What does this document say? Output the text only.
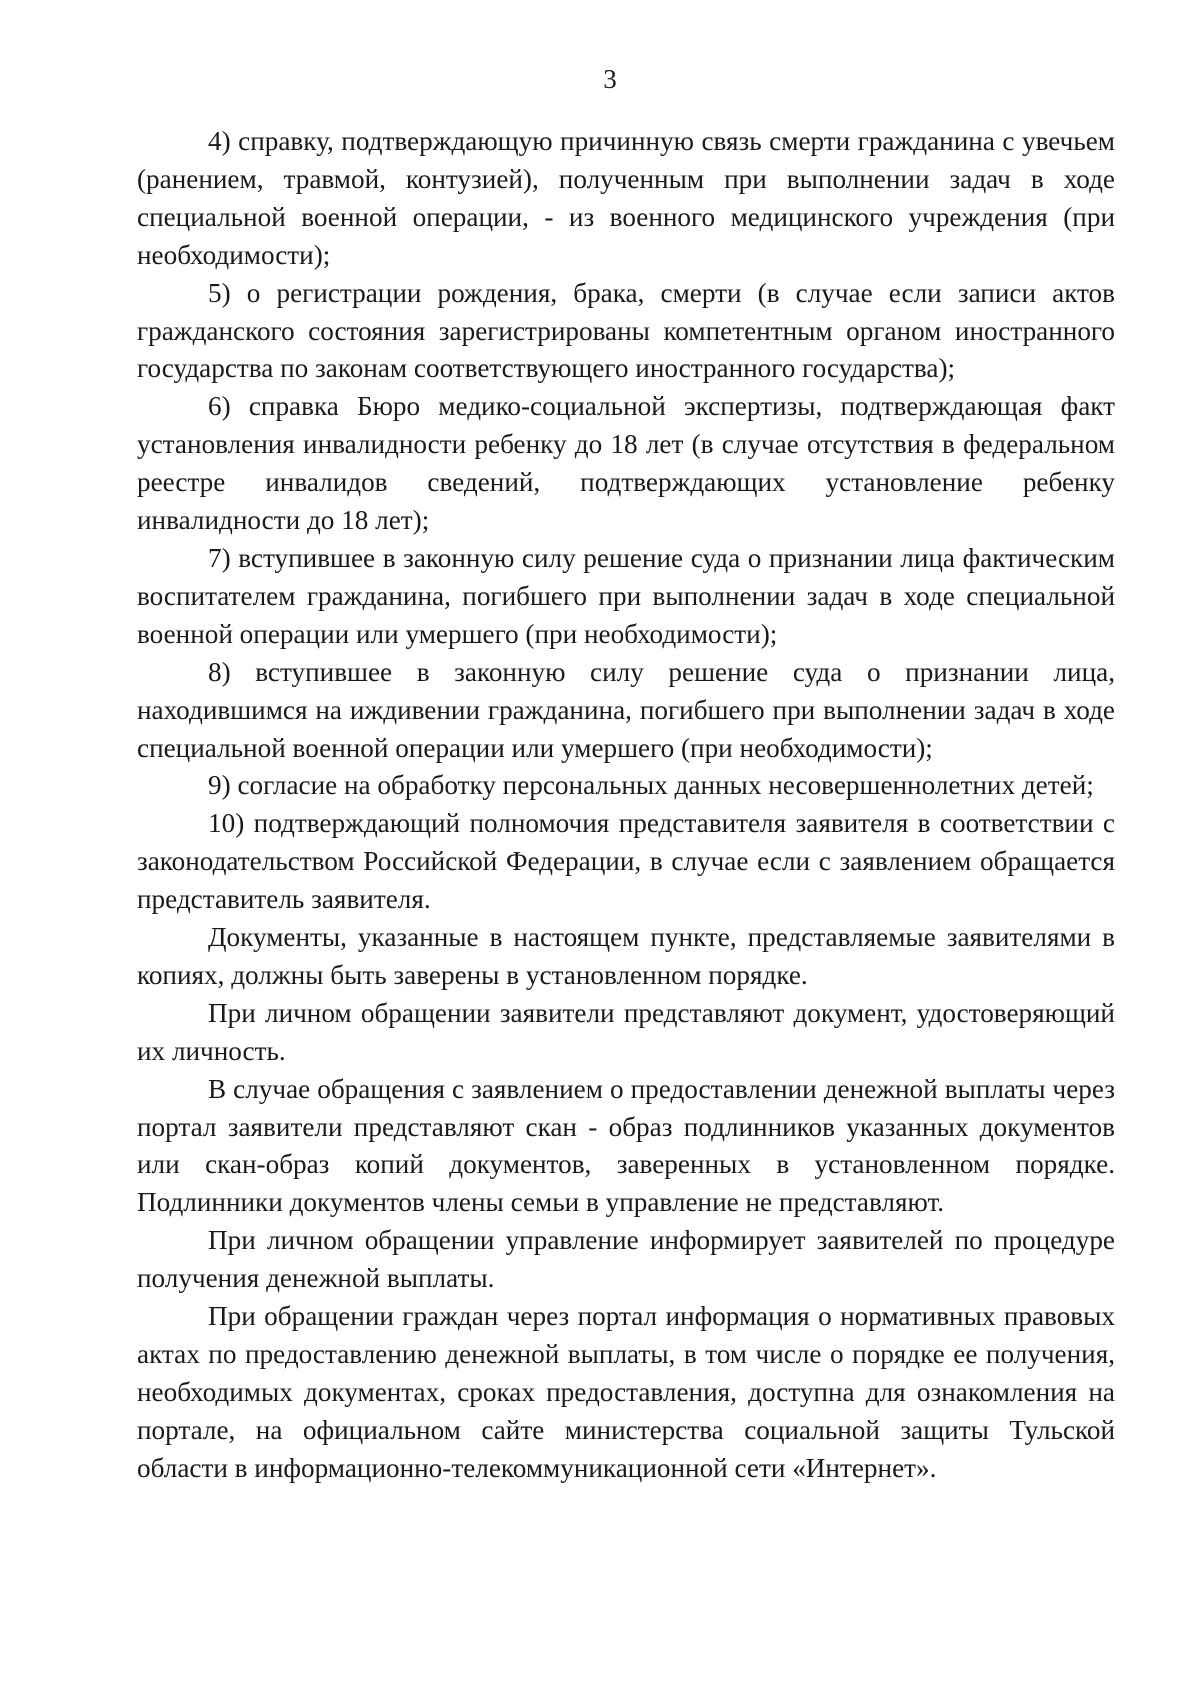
3

4) справку, подтверждающую причинную связь смерти гражданина с увечьем (ранением, травмой, контузией), полученным при выполнении задач в ходе специальной военной операции, - из военного медицинского учреждения (при необходимости);

5) о регистрации рождения, брака, смерти (в случае если записи актов гражданского состояния зарегистрированы компетентным органом иностранного государства по законам соответствующего иностранного государства);

6) справка Бюро медико-социальной экспертизы, подтверждающая факт установления инвалидности ребенку до 18 лет (в случае отсутствия в федеральном реестре инвалидов сведений, подтверждающих установление ребенку инвалидности до 18 лет);

7) вступившее в законную силу решение суда о признании лица фактическим воспитателем гражданина, погибшего при выполнении задач в ходе специальной военной операции или умершего (при необходимости);

8) вступившее в законную силу решение суда о признании лица, находившимся на иждивении гражданина, погибшего при выполнении задач в ходе специальной военной операции или умершего (при необходимости);

9) согласие на обработку персональных данных несовершеннолетних детей;

10) подтверждающий полномочия представителя заявителя в соответствии с законодательством Российской Федерации, в случае если с заявлением обращается представитель заявителя.

Документы, указанные в настоящем пункте, представляемые заявителями в копиях, должны быть заверены в установленном порядке.

При личном обращении заявители представляют документ, удостоверяющий их личность.

В случае обращения с заявлением о предоставлении денежной выплаты через портал заявители представляют скан - образ подлинников указанных документов или скан-образ копий документов, заверенных в установленном порядке. Подлинники документов члены семьи в управление не представляют.

При личном обращении управление информирует заявителей по процедуре получения денежной выплаты.

При обращении граждан через портал информация о нормативных правовых актах по предоставлению денежной выплаты, в том числе о порядке ее получения, необходимых документах, сроках предоставления, доступна для ознакомления на портале, на официальном сайте министерства социальной защиты Тульской области в информационно-телекоммуникационной сети «Интернет».
